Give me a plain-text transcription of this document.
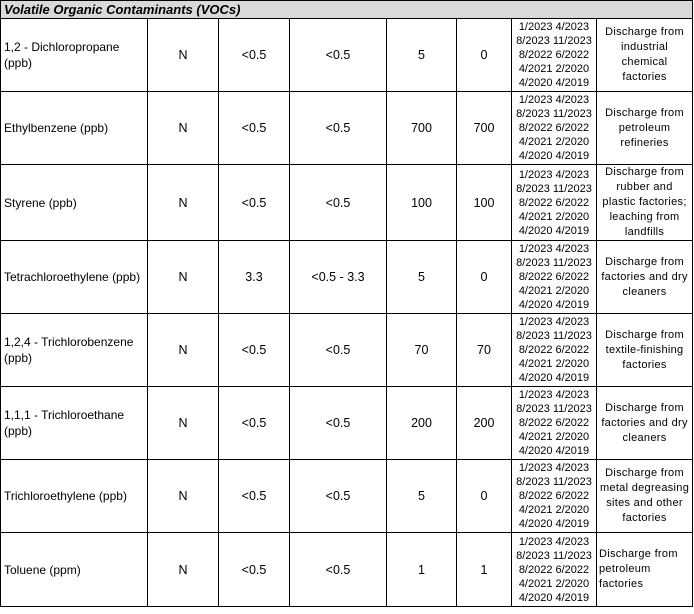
Volatile Organic Contaminants (VOCs)							
1,2 - Dichloropropane (ppb)	N	<0.5	<0.5	5	0	1/2023 4/2023
8/2023 11/2023
8/2022 6/2022
4/2021 2/2020
4/2020 4/2019	Discharge from industrial chemical factories
Ethylbenzene (ppb)	N	<0.5	<0.5	700	700	1/2023 4/2023
8/2023 11/2023
8/2022 6/2022
4/2021 2/2020
4/2020 4/2019	Discharge from petroleum refineries
Styrene (ppb)	N	<0.5	<0.5	100	100	1/2023 4/2023
8/2023 11/2023
8/2022 6/2022
4/2021 2/2020
4/2020 4/2019	Discharge from rubber and plastic factories; leaching from landfills
Tetrachloroethylene (ppb)	N	3.3	<0.5 - 3.3	5	0	1/2023 4/2023
8/2023 11/2023
8/2022 6/2022
4/2021 2/2020
4/2020 4/2019	Discharge from factories and dry cleaners
1,2,4 - Trichlorobenzene (ppb)	N	<0.5	<0.5	70	70	1/2023 4/2023
8/2023 11/2023
8/2022 6/2022
4/2021 2/2020
4/2020 4/2019	Discharge from textile-finishing factories
1,1,1 - Trichloroethane (ppb)	N	<0.5	<0.5	200	200	1/2023 4/2023
8/2023 11/2023
8/2022 6/2022
4/2021 2/2020
4/2020 4/2019	Discharge from factories and dry cleaners
Trichloroethylene (ppb)	N	<0.5	<0.5	5	0	1/2023 4/2023
8/2023 11/2023
8/2022 6/2022
4/2021 2/2020
4/2020 4/2019	Discharge from metal degreasing sites and other factories
Toluene (ppm)	N	<0.5	<0.5	1	1	1/2023 4/2023
8/2023 11/2023
8/2022 6/2022
4/2021 2/2020
4/2020 4/2019	Discharge from petroleum factories
